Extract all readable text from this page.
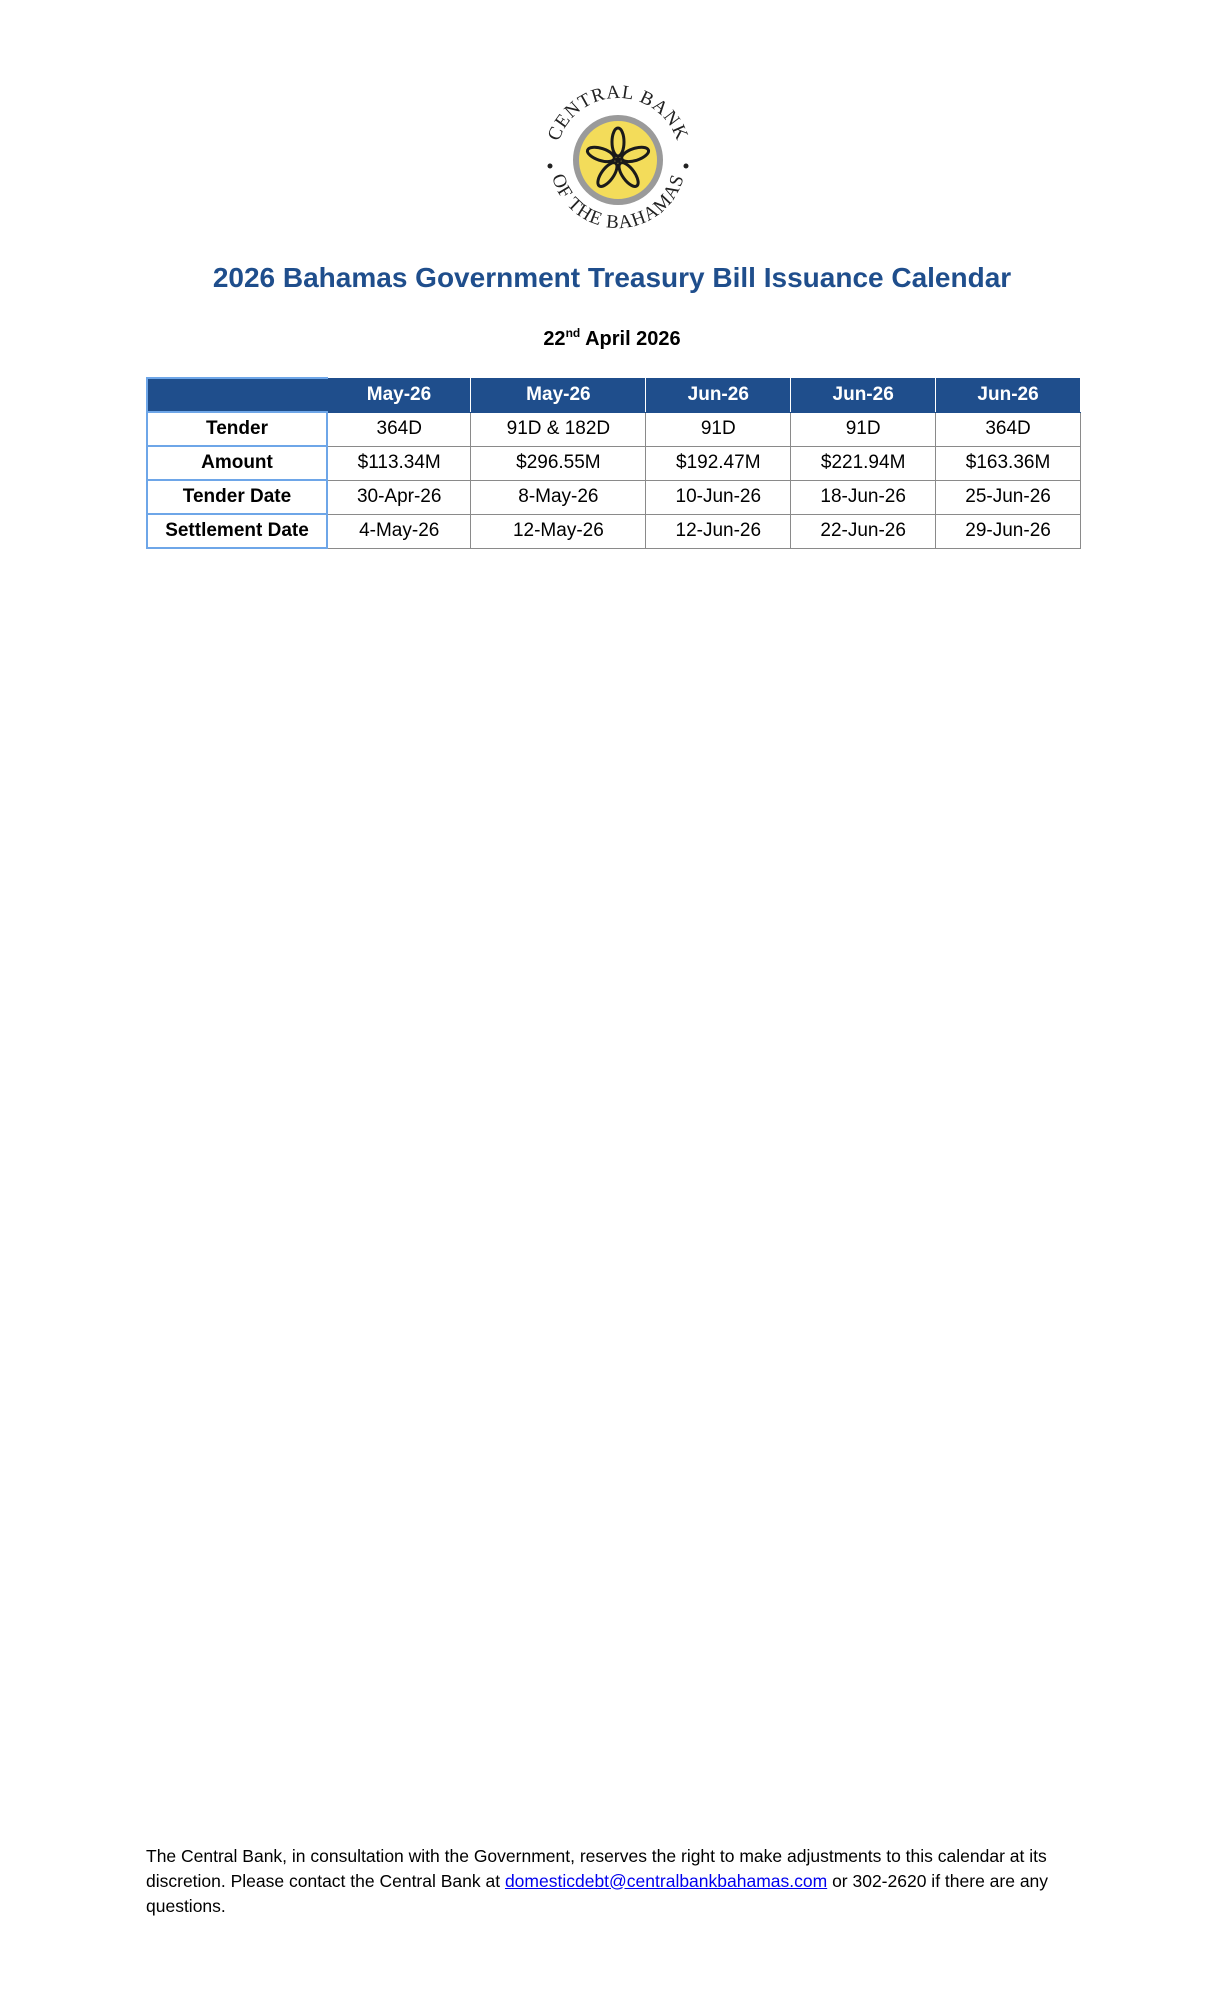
CENTRAL BANK
OF THE BAHAMAS
2026 Bahamas Government Treasury Bill Issuance Calendar
22nd April 2026
	May-26	May-26	Jun-26	Jun-26	Jun-26
Tender	364D	91D & 182D	91D	91D	364D
Amount	$113.34M	$296.55M	$192.47M	$221.94M	$163.36M
Tender Date	30-Apr-26	8-May-26	10-Jun-26	18-Jun-26	25-Jun-26
Settlement Date	4-May-26	12-May-26	12-Jun-26	22-Jun-26	29-Jun-26

The Central Bank, in consultation with the Government, reserves the right to make adjustments to this calendar at its discretion. Please contact the Central Bank at domesticdebt@centralbankbahamas.com or 302-2620 if there are any questions.
